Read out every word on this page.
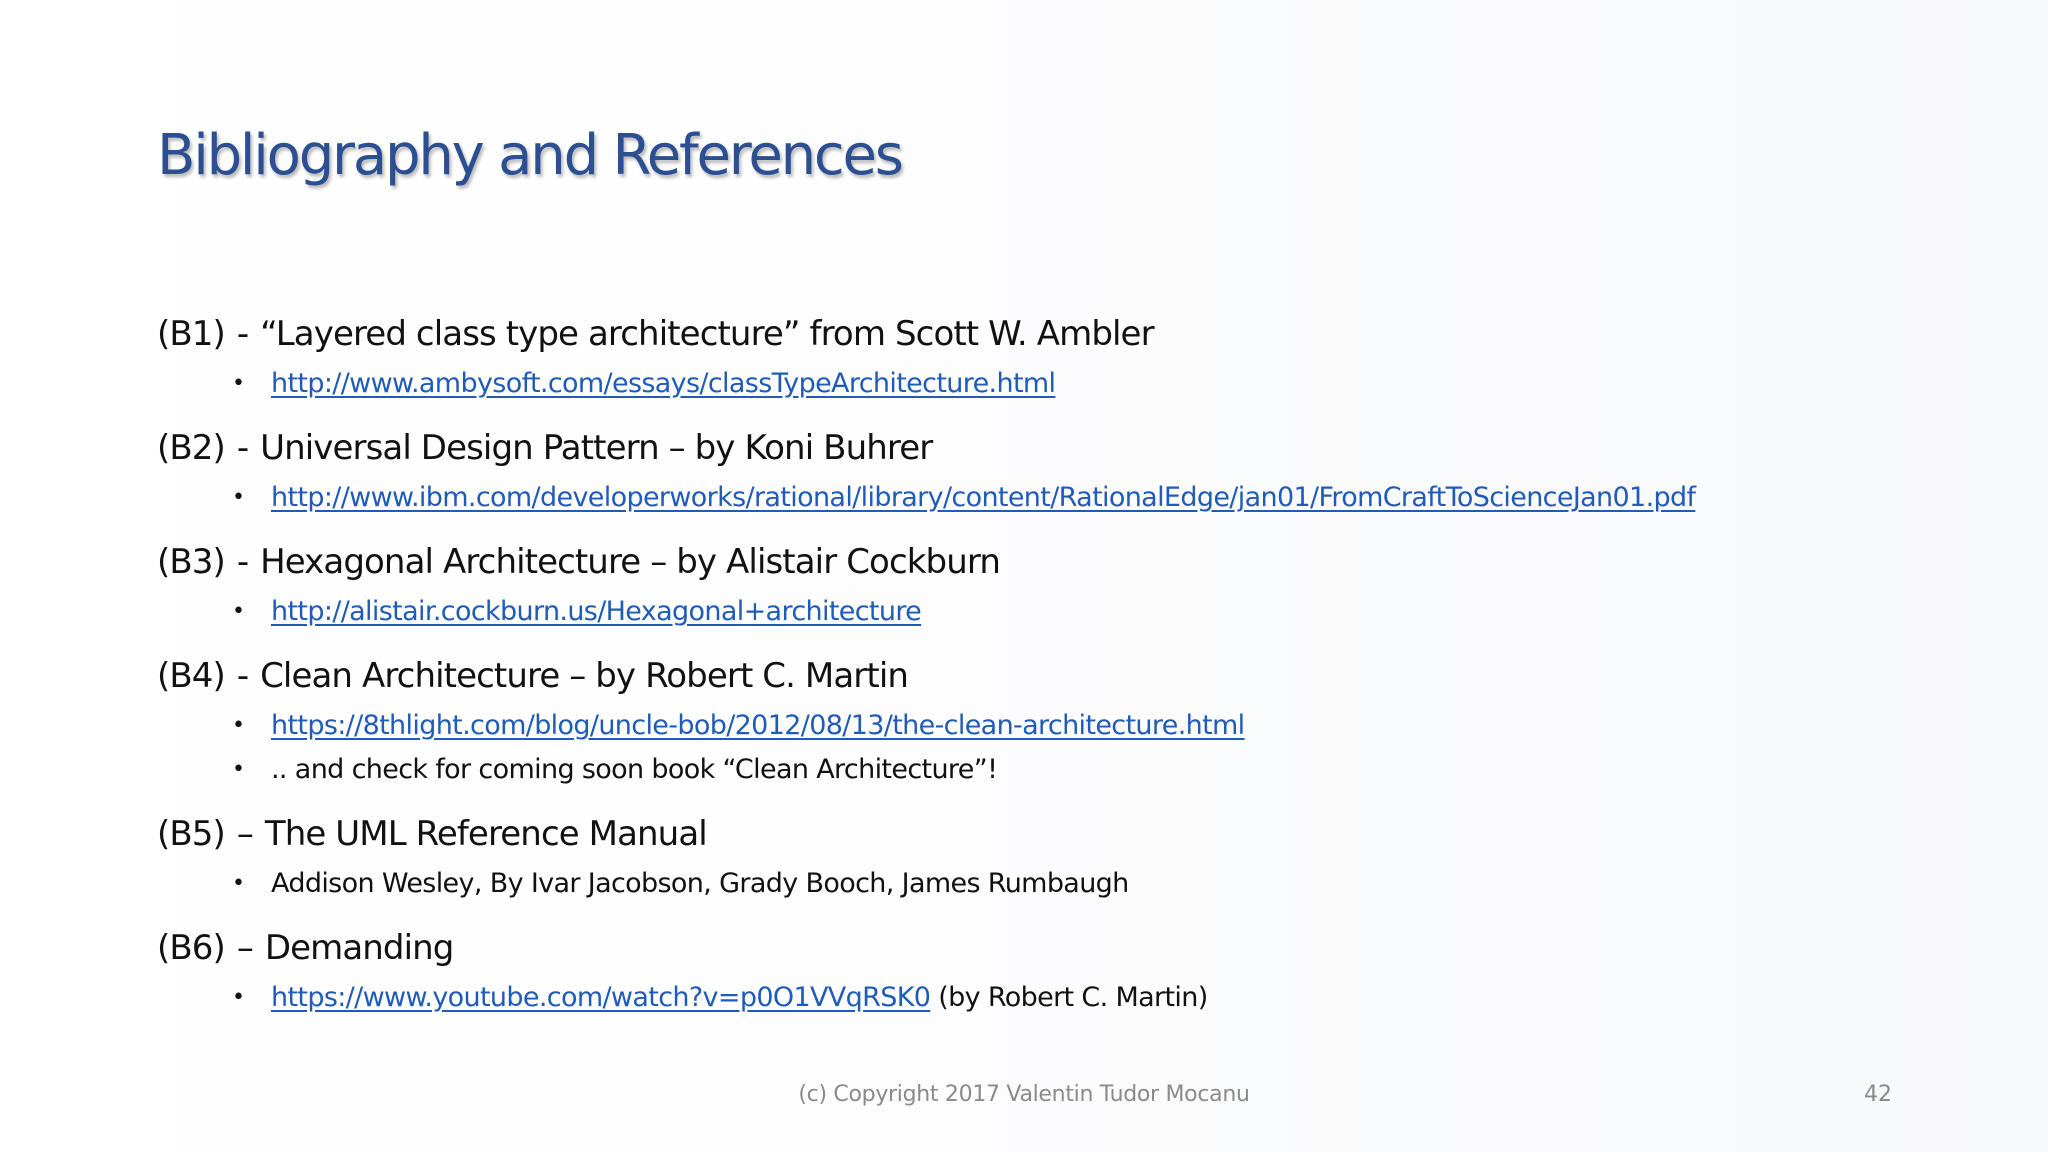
Bibliography and References
(B1) - “Layered class type architecture” from Scott W. Ambler
• http://www.ambysoft.com/essays/classTypeArchitecture.html
(B2) - Universal Design Pattern – by Koni Buhrer
• http://www.ibm.com/developerworks/rational/library/content/RationalEdge/jan01/FromCraftToScienceJan01.pdf
(B3) - Hexagonal Architecture – by Alistair Cockburn
• http://alistair.cockburn.us/Hexagonal+architecture
(B4) - Clean Architecture – by Robert C. Martin
• https://8thlight.com/blog/uncle-bob/2012/08/13/the-clean-architecture.html
• .. and check for coming soon book “Clean Architecture”!
(B5) – The UML Reference Manual
• Addison Wesley, By Ivar Jacobson, Grady Booch, James Rumbaugh
(B6) – Demanding
• https://www.youtube.com/watch?v=p0O1VVqRSK0 (by Robert C. Martin)

(c) Copyright 2017 Valentin Tudor Mocanu	42
